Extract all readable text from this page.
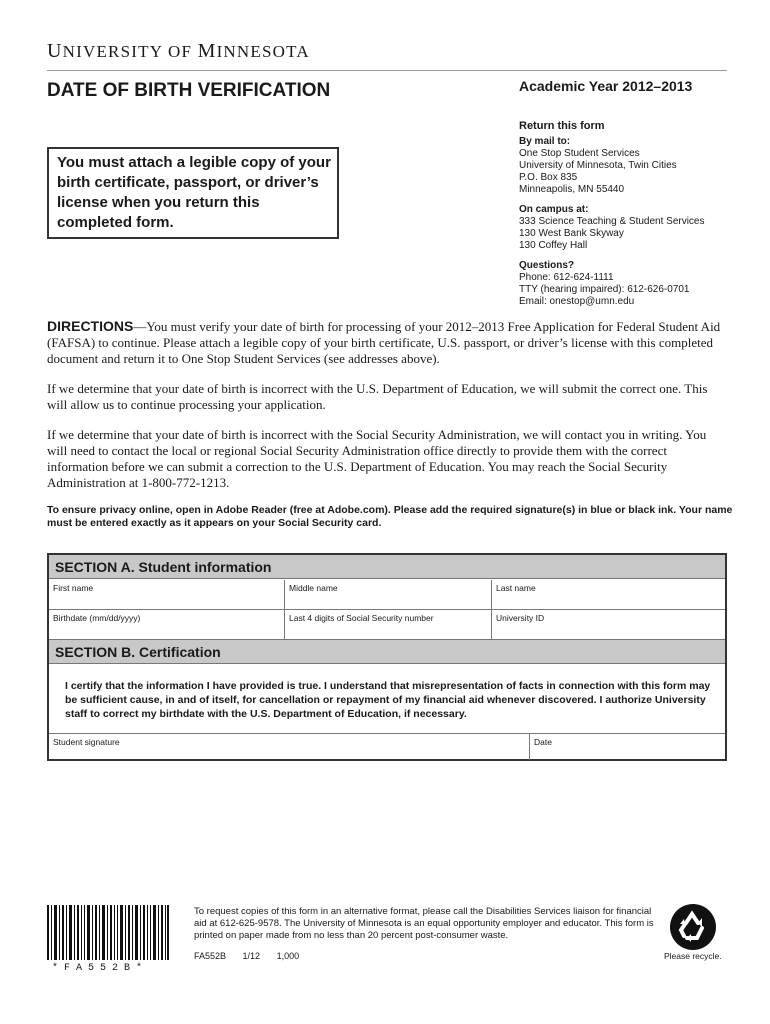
UNIVERSITY OF MINNESOTA
DATE OF BIRTH VERIFICATION	Academic Year 2012–2013
Return this form
By mail to:
One Stop Student Services
University of Minnesota, Twin Cities
P.O. Box 835
Minneapolis, MN 55440
On campus at:
333 Science Teaching & Student Services
130 West Bank Skyway
130 Coffey Hall
Questions?
Phone: 612-624-1111
TTY (hearing impaired): 612-626-0701
Email: onestop@umn.edu
You must attach a legible copy of your birth certificate, passport, or driver’s license when you return this completed form.

DIRECTIONS—You must verify your date of birth for processing of your 2012–2013 Free Application for Federal Student Aid (FAFSA) to continue. Please attach a legible copy of your birth certificate, U.S. passport, or driver’s license with this completed document and return it to One Stop Student Services (see addresses above).

If we determine that your date of birth is incorrect with the U.S. Department of Education, we will submit the correct one. This will allow us to continue processing your application.

If we determine that your date of birth is incorrect with the Social Security Administration, we will contact you in writing. You will need to contact the local or regional Social Security Administration office directly to provide them with the correct information before we can submit a correction to the U.S. Department of Education. You may reach the Social Security Administration at 1-800-772-1213.

To ensure privacy online, open in Adobe Reader (free at Adobe.com). Please add the required signature(s) in blue or black ink. Your name must be entered exactly as it appears on your Social Security card.
SECTION A. Student information
First name	Middle name	Last name
Birthdate (mm/dd/yyyy)	Last 4 digits of Social Security number	University ID
SECTION B. Certification
I certify that the information I have provided is true. I understand that misrepresentation of facts in connection with this form may be sufficient cause, in and of itself, for cancellation or repayment of my financial aid whenever discovered. I authorize University staff to correct my birthdate with the U.S. Department of Education, if necessary.
Student signature	Date
*FA552B*
To request copies of this form in an alternative format, please call the Disabilities Services liaison for financial aid at 612-625-9578. The University of Minnesota is an equal opportunity employer and educator. This form is printed on paper made from no less than 20 percent post-consumer waste.
FA552B 1/12 1,000	Please recycle.
